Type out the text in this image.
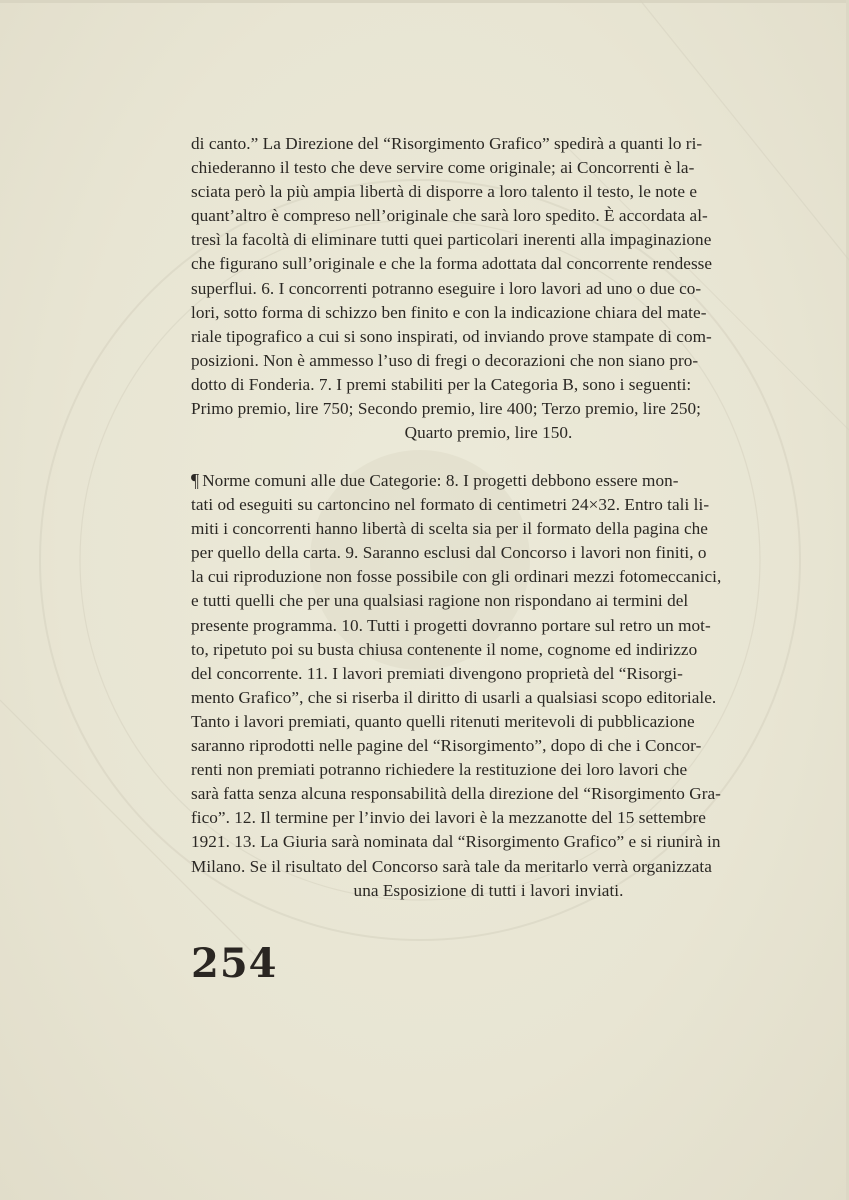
di canto.” La Direzione del “Risorgimento Grafico” spedirà a quanti lo ri-

chiederanno il testo che deve servire come originale; ai Concorrenti è la-

sciata però la più ampia libertà di disporre a loro talento il testo, le note e

quant’altro è compreso nell’originale che sarà loro spedito. È accordata al-

tresì la facoltà di eliminare tutti quei particolari inerenti alla impaginazione

che figurano sull’originale e che la forma adottata dal concorrente rendesse

superflui. 6. I concorrenti potranno eseguire i loro lavori ad uno o due co-

lori, sotto forma di schizzo ben finito e con la indicazione chiara del mate-

riale tipografico a cui si sono inspirati, od inviando prove stampate di com-

posizioni. Non è ammesso l’uso di fregi o decorazioni che non siano pro-

dotto di Fonderia. 7. I premi stabiliti per la Categoria B, sono i seguenti:

Primo premio, lire 750; Secondo premio, lire 400; Terzo premio, lire 250;

Quarto premio, lire 150.

¶ Norme comuni alle due Categorie: 8. I progetti debbono essere mon-

tati od eseguiti su cartoncino nel formato di centimetri 24×32. Entro tali li-

miti i concorrenti hanno libertà di scelta sia per il formato della pagina che

per quello della carta. 9. Saranno esclusi dal Concorso i lavori non finiti, o

la cui riproduzione non fosse possibile con gli ordinari mezzi fotomeccanici,

e tutti quelli che per una qualsiasi ragione non rispondano ai termini del

presente programma. 10. Tutti i progetti dovranno portare sul retro un mot-

to, ripetuto poi su busta chiusa contenente il nome, cognome ed indirizzo

del concorrente. 11. I lavori premiati divengono proprietà del “Risorgi-

mento Grafico”, che si riserba il diritto di usarli a qualsiasi scopo editoriale.

Tanto i lavori premiati, quanto quelli ritenuti meritevoli di pubblicazione

saranno riprodotti nelle pagine del “Risorgimento”, dopo di che i Concor-

renti non premiati potranno richiedere la restituzione dei loro lavori che

sarà fatta senza alcuna responsabilità della direzione del “Risorgimento Gra-

fico”. 12. Il termine per l’invio dei lavori è la mezzanotte del 15 settembre

1921. 13. La Giuria sarà nominata dal “Risorgimento Grafico” e si riunirà in

Milano. Se il risultato del Concorso sarà tale da meritarlo verrà organizzata

una Esposizione di tutti i lavori inviati.

254
